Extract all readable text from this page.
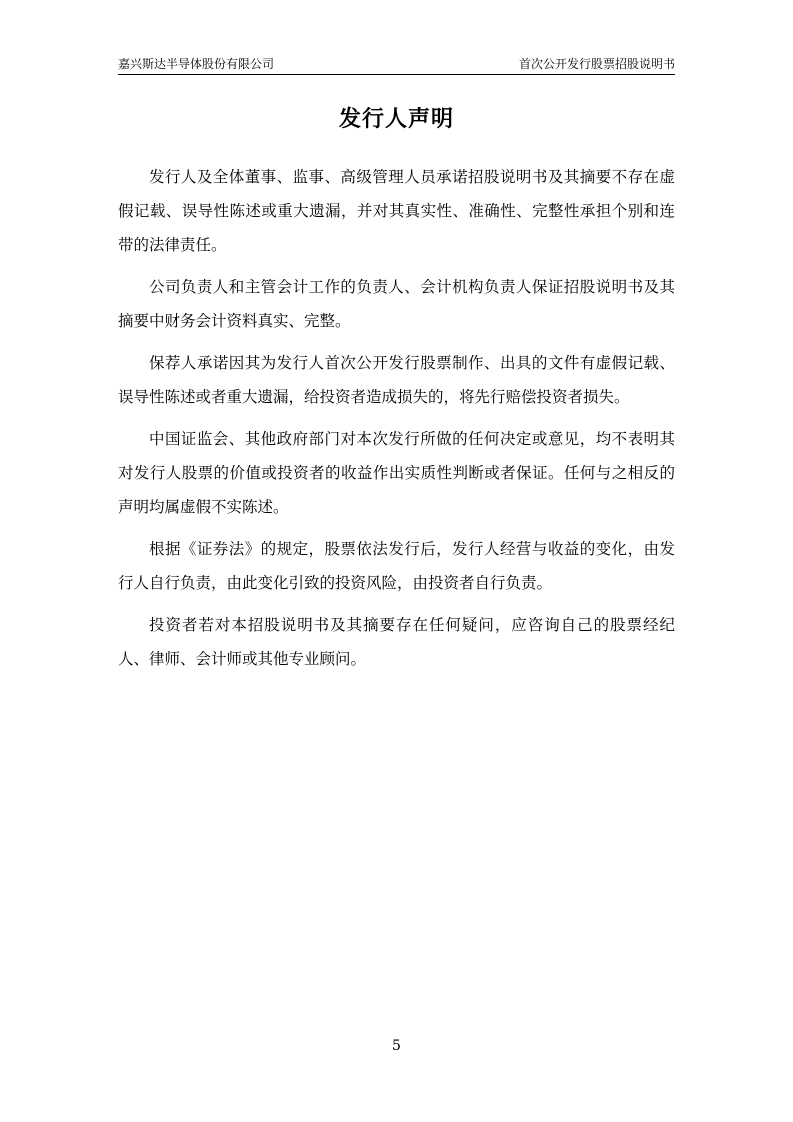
嘉兴斯达半导体股份有限公司	首次公开发行股票招股说明书
发行人声明

发行人及全体董事、监事、高级管理人员承诺招股说明书及其摘要不存在虚假记载、误导性陈述或重大遗漏，并对其真实性、准确性、完整性承担个别和连带的法律责任。

公司负责人和主管会计工作的负责人、会计机构负责人保证招股说明书及其摘要中财务会计资料真实、完整。

保荐人承诺因其为发行人首次公开发行股票制作、出具的文件有虚假记载、误导性陈述或者重大遗漏，给投资者造成损失的，将先行赔偿投资者损失。

中国证监会、其他政府部门对本次发行所做的任何决定或意见，均不表明其对发行人股票的价值或投资者的收益作出实质性判断或者保证。任何与之相反的声明均属虚假不实陈述。

根据《证券法》的规定，股票依法发行后，发行人经营与收益的变化，由发行人自行负责，由此变化引致的投资风险，由投资者自行负责。

投资者若对本招股说明书及其摘要存在任何疑问，应咨询自己的股票经纪人、律师、会计师或其他专业顾问。

5
